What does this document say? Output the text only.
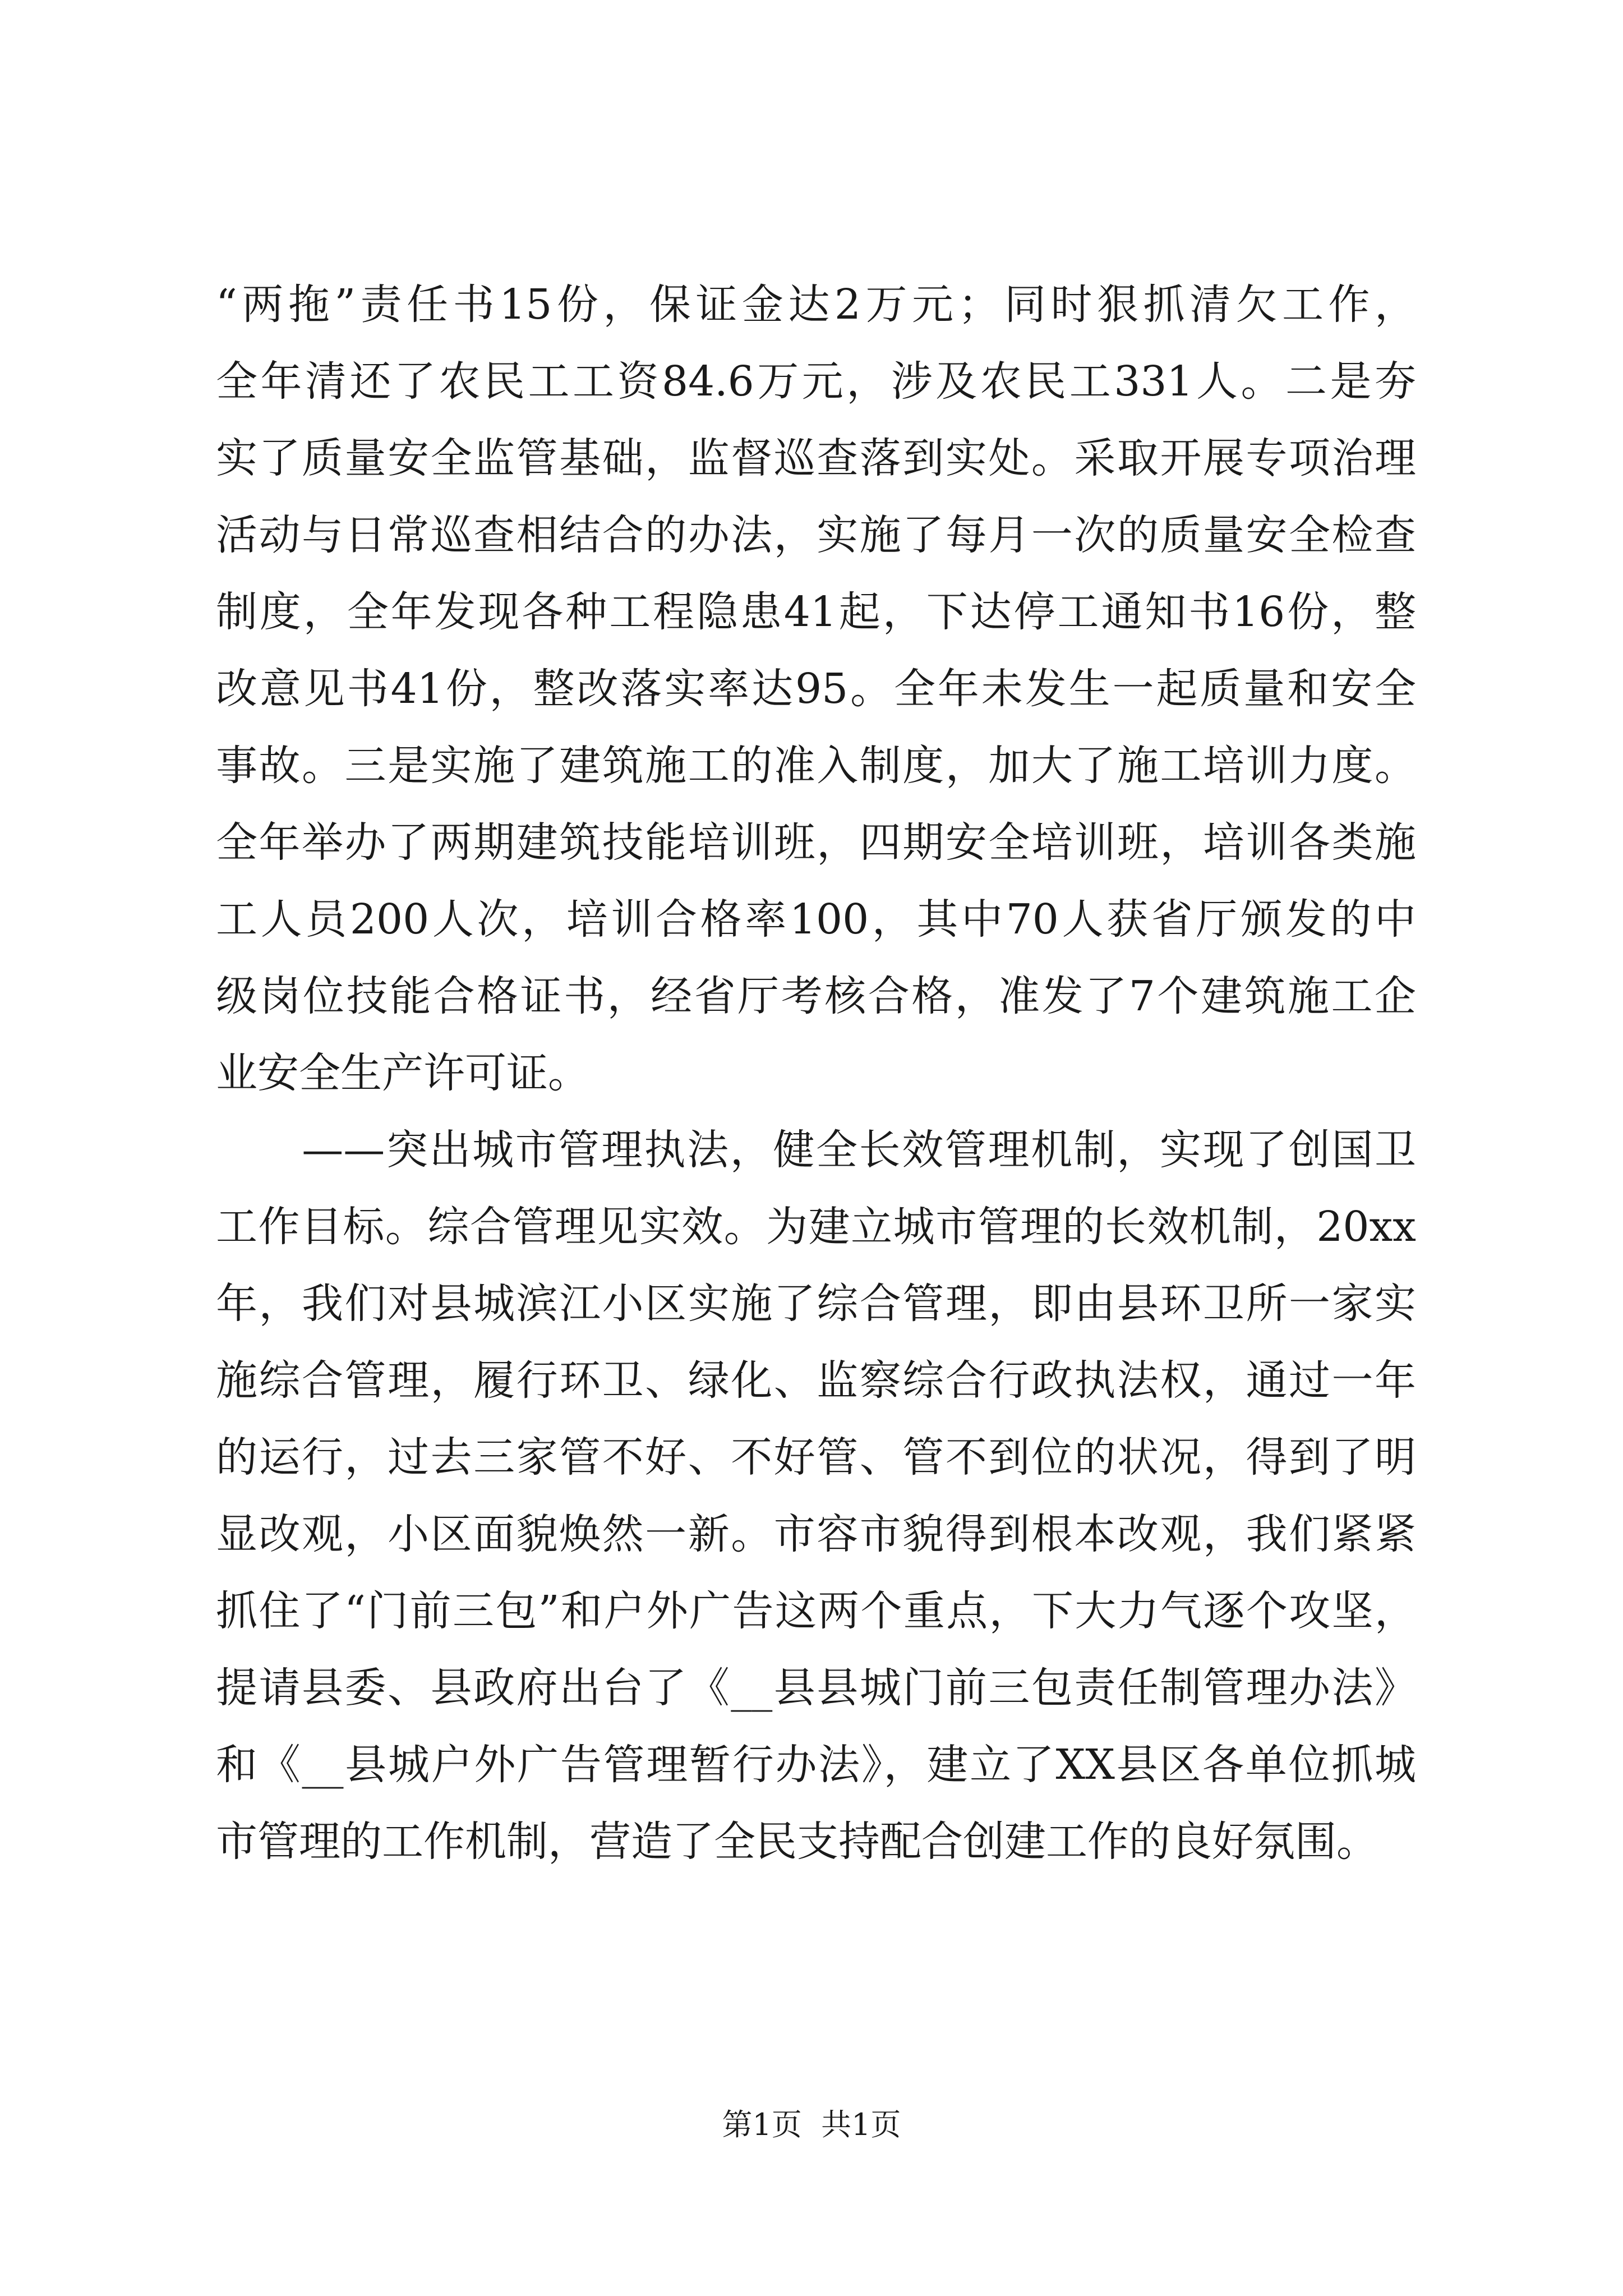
“两拖”责任书15份，保证金达2万元；同时狠抓清欠工作，
全年清还了农民工工资84.6万元，涉及农民工331人。二是夯
实了质量安全监管基础，监督巡查落到实处。采取开展专项治理
活动与日常巡查相结合的办法，实施了每月一次的质量安全检查
制度，全年发现各种工程隐患41起，下达停工通知书16份，整
改意见书41份，整改落实率达95。全年未发生一起质量和安全
事故。三是实施了建筑施工的准入制度，加大了施工培训力度。
全年举办了两期建筑技能培训班，四期安全培训班，培训各类施
工人员200人次，培训合格率100，其中70人获省厅颁发的中
级岗位技能合格证书，经省厅考核合格，准发了7个建筑施工企
业安全生产许可证。
　　——突出城市管理执法，健全长效管理机制，实现了创国卫
工作目标。综合管理见实效。为建立城市管理的长效机制，20xx
年，我们对县城滨江小区实施了综合管理，即由县环卫所一家实
施综合管理，履行环卫、绿化、监察综合行政执法权，通过一年
的运行，过去三家管不好、不好管、管不到位的状况，得到了明
显改观，小区面貌焕然一新。市容市貌得到根本改观，我们紧紧
抓住了“门前三包”和户外广告这两个重点，下大力气逐个攻坚，
提请县委、县政府出台了《__县县城门前三包责任制管理办法》
和《__县城户外广告管理暂行办法》，建立了XX县区各单位抓城
市管理的工作机制，营造了全民支持配合创建工作的良好氛围。
第1页  共1页
